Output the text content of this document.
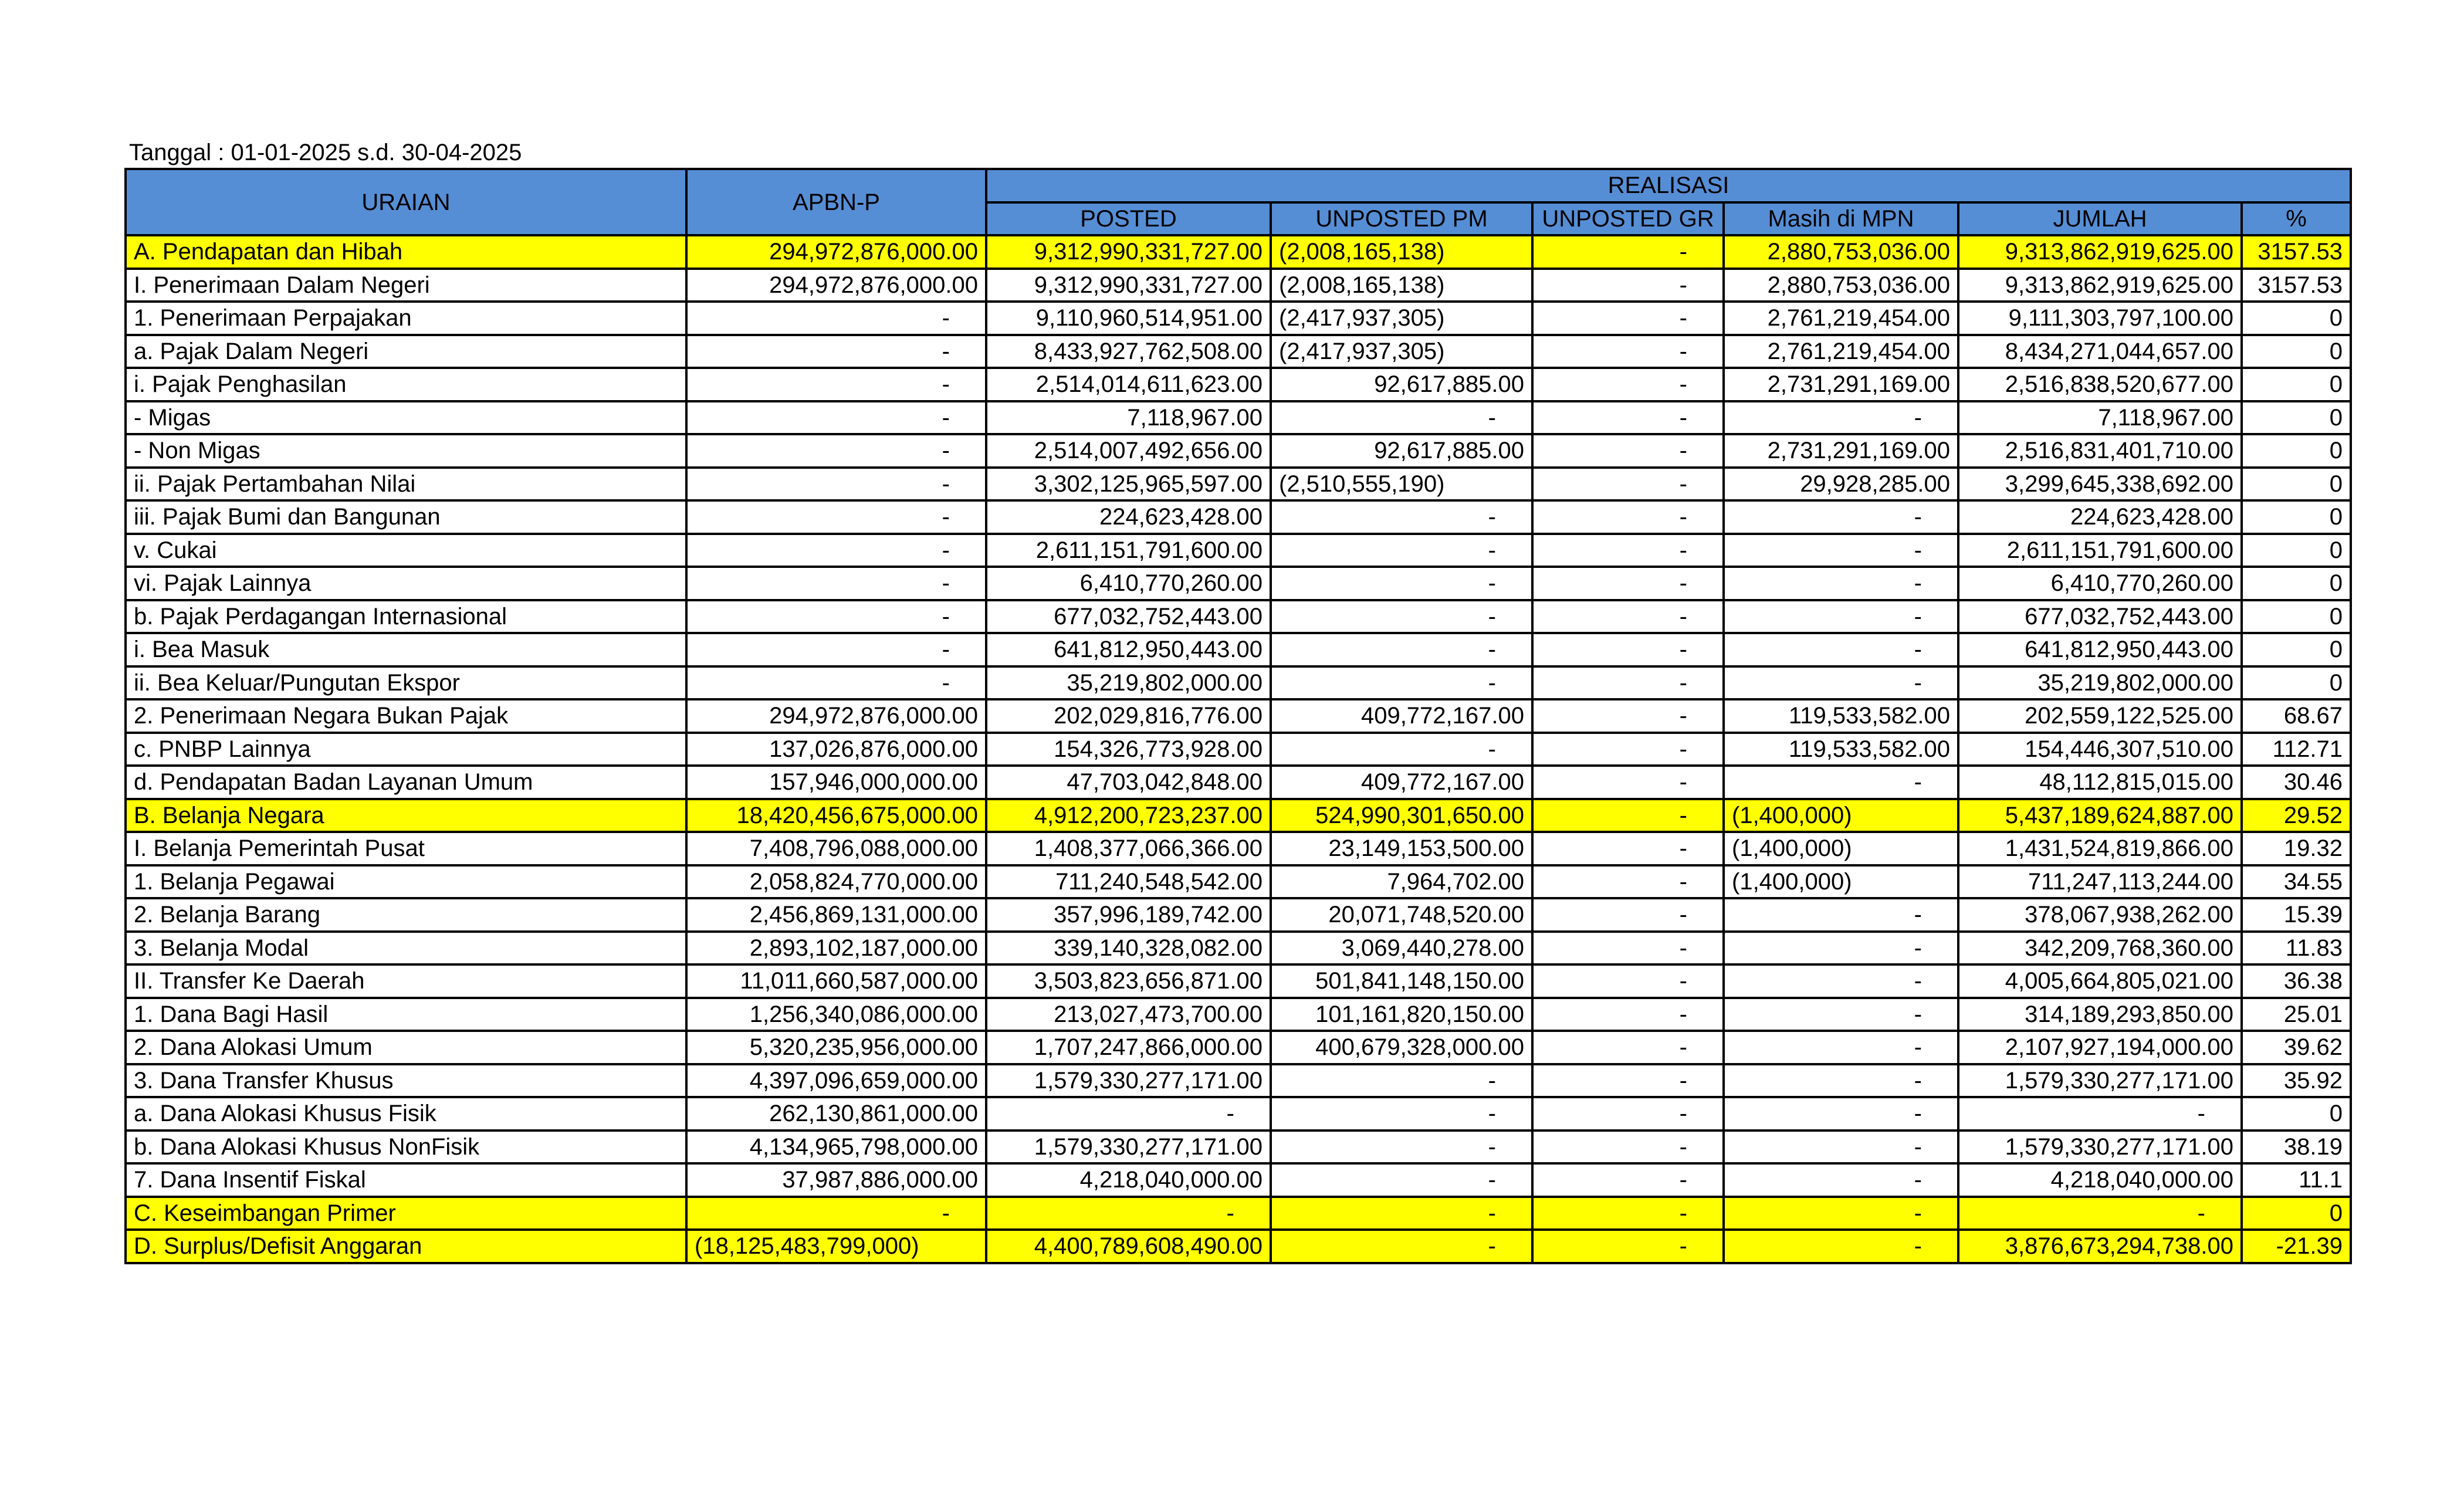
Tanggal : 01-01-2025 s.d. 30-04-2025
URAIAN	APBN-P	REALISASI					
		POSTED	UNPOSTED PM	UNPOSTED GR	Masih di MPN	JUMLAH	%
A. Pendapatan dan Hibah	294,972,876,000.00	9,312,990,331,727.00	(2,008,165,138)	-	2,880,753,036.00	9,313,862,919,625.00	3157.53
I. Penerimaan Dalam Negeri	294,972,876,000.00	9,312,990,331,727.00	(2,008,165,138)	-	2,880,753,036.00	9,313,862,919,625.00	3157.53
1. Penerimaan Perpajakan	-	9,110,960,514,951.00	(2,417,937,305)	-	2,761,219,454.00	9,111,303,797,100.00	0
a. Pajak Dalam Negeri	-	8,433,927,762,508.00	(2,417,937,305)	-	2,761,219,454.00	8,434,271,044,657.00	0
i. Pajak Penghasilan	-	2,514,014,611,623.00	92,617,885.00	-	2,731,291,169.00	2,516,838,520,677.00	0
- Migas	-	7,118,967.00	-	-	-	7,118,967.00	0
- Non Migas	-	2,514,007,492,656.00	92,617,885.00	-	2,731,291,169.00	2,516,831,401,710.00	0
ii. Pajak Pertambahan Nilai	-	3,302,125,965,597.00	(2,510,555,190)	-	29,928,285.00	3,299,645,338,692.00	0
iii. Pajak Bumi dan Bangunan	-	224,623,428.00	-	-	-	224,623,428.00	0
v. Cukai	-	2,611,151,791,600.00	-	-	-	2,611,151,791,600.00	0
vi. Pajak Lainnya	-	6,410,770,260.00	-	-	-	6,410,770,260.00	0
b. Pajak Perdagangan Internasional	-	677,032,752,443.00	-	-	-	677,032,752,443.00	0
i. Bea Masuk	-	641,812,950,443.00	-	-	-	641,812,950,443.00	0
ii. Bea Keluar/Pungutan Ekspor	-	35,219,802,000.00	-	-	-	35,219,802,000.00	0
2. Penerimaan Negara Bukan Pajak	294,972,876,000.00	202,029,816,776.00	409,772,167.00	-	119,533,582.00	202,559,122,525.00	68.67
c. PNBP Lainnya	137,026,876,000.00	154,326,773,928.00	-	-	119,533,582.00	154,446,307,510.00	112.71
d. Pendapatan Badan Layanan Umum	157,946,000,000.00	47,703,042,848.00	409,772,167.00	-	-	48,112,815,015.00	30.46
B. Belanja Negara	18,420,456,675,000.00	4,912,200,723,237.00	524,990,301,650.00	-	(1,400,000)	5,437,189,624,887.00	29.52
I. Belanja Pemerintah Pusat	7,408,796,088,000.00	1,408,377,066,366.00	23,149,153,500.00	-	(1,400,000)	1,431,524,819,866.00	19.32
1. Belanja Pegawai	2,058,824,770,000.00	711,240,548,542.00	7,964,702.00	-	(1,400,000)	711,247,113,244.00	34.55
2. Belanja Barang	2,456,869,131,000.00	357,996,189,742.00	20,071,748,520.00	-	-	378,067,938,262.00	15.39
3. Belanja Modal	2,893,102,187,000.00	339,140,328,082.00	3,069,440,278.00	-	-	342,209,768,360.00	11.83
II. Transfer Ke Daerah	11,011,660,587,000.00	3,503,823,656,871.00	501,841,148,150.00	-	-	4,005,664,805,021.00	36.38
1. Dana Bagi Hasil	1,256,340,086,000.00	213,027,473,700.00	101,161,820,150.00	-	-	314,189,293,850.00	25.01
2. Dana Alokasi Umum	5,320,235,956,000.00	1,707,247,866,000.00	400,679,328,000.00	-	-	2,107,927,194,000.00	39.62
3. Dana Transfer Khusus	4,397,096,659,000.00	1,579,330,277,171.00	-	-	-	1,579,330,277,171.00	35.92
a. Dana Alokasi Khusus Fisik	262,130,861,000.00	-	-	-	-	-	0
b. Dana Alokasi Khusus NonFisik	4,134,965,798,000.00	1,579,330,277,171.00	-	-	-	1,579,330,277,171.00	38.19
7. Dana Insentif Fiskal	37,987,886,000.00	4,218,040,000.00	-	-	-	4,218,040,000.00	11.1
C. Keseimbangan Primer	-	-	-	-	-	-	0
D. Surplus/Defisit Anggaran	(18,125,483,799,000)	4,400,789,608,490.00	-	-	-	3,876,673,294,738.00	-21.39
